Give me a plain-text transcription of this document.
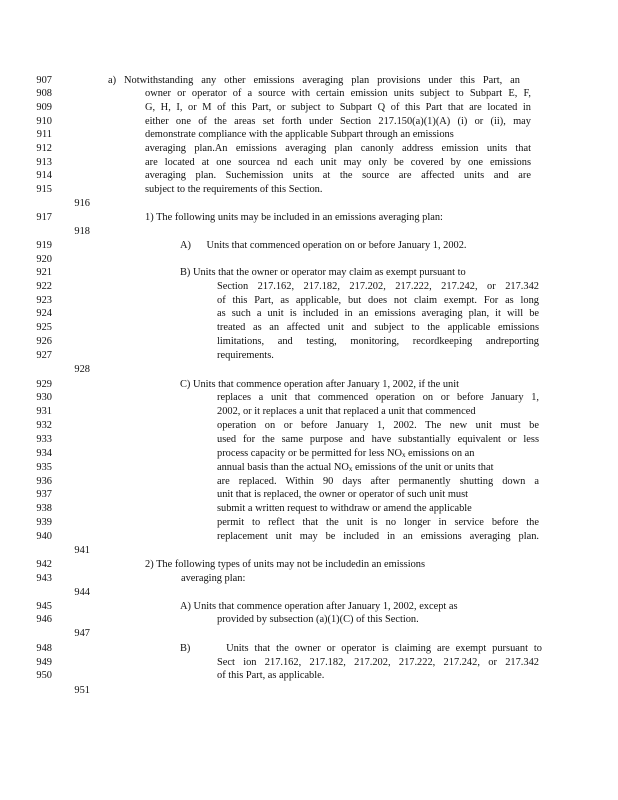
907	a) Notwithstanding any other emissions averaging plan provisions under this Part, an
908	owner or operator of a source with certain emission units subject to Subpart E, F,
909	G, H, I, or M of this Part, or subject to Subpart Q of this Part that are located in
910	either one of the areas set forth under Section 217.150(a)(1)(A) (i) or (ii), may
911	demonstrate compliance with the applicable Subpart through an emissions
912	averaging plan.An emissions averaging plan canonly address emission units that
913	are located at one sourcea nd each unit may only be covered by one emissions
914	averaging plan. Suchemission units at the source are affected units and are
915	subject to the requirements of this Section.
916
917	1) The following units may be included in an emissions averaging plan:
918
919	A)      Units that commenced operation on or before January 1, 2002.
920
921	B) Units that the owner or operator may claim as exempt pursuant to
922	Section 217.162, 217.182, 217.202, 217.222, 217.242, or 217.342
923	of this Part, as applicable, but does not claim exempt. For as long
924	as such a unit is included in an emissions averaging plan, it will be
925	treated as an affected unit and subject to the applicable emissions
926	limitations, and testing, monitoring, recordkeeping andreporting
927	requirements.
928
929	C) Units that commence operation after January 1, 2002, if the unit
930	replaces a unit that commenced operation on or before January 1,
931	2002, or it replaces a unit that replaced a unit that commenced
932	operation on or before January 1, 2002. The new unit must be
933	used for the same purpose and have substantially equivalent or less
934	process capacity or be permitted for less $NO_x$ emissions on an
935	annual basis than the actual $NO_x$ emissions of the unit or units that
936	are replaced. Within 90 days after permanently shutting down a
937	unit that is replaced, the owner or operator of such unit must
938	submit a written request to withdraw or amend the applicable
939	permit to reflect that the unit is no longer in service before the
940	replacement unit may be included in an emissions averaging plan.
941
942	2) The following types of units may not be includedin an emissions
943	averaging plan:
944
945	A) Units that commence operation after January 1, 2002, except as
946	provided by subsection (a)(1)(C) of this Section.
947
948	B)      Units that the owner or operator is claiming are exempt pursuant to
949	Sect ion 217.162, 217.182, 217.202, 217.222, 217.242, or 217.342
950	of this Part, as applicable.
951
